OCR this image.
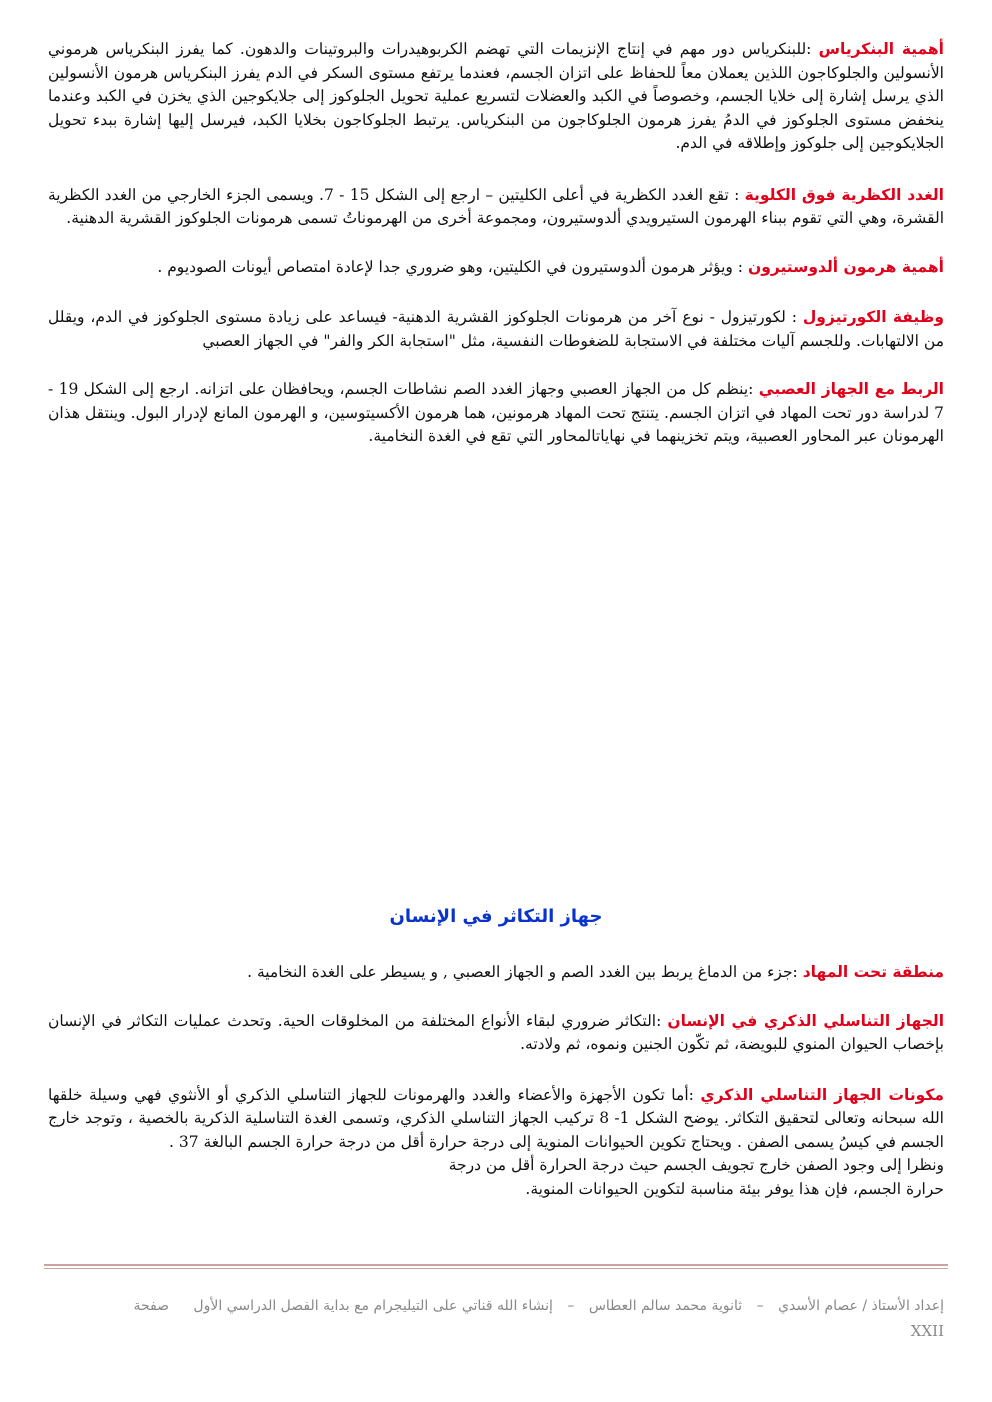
أهمية البنكرياس :للبنكرياس دور مهم في إنتاج الإنزيمات التي تهضم الكربوهيدرات والبروتينات والدهون. كما يفرز البنكرياس هرموني الأنسولين والجلوكاجون اللذين يعملان معاً للحفاظ على اتزان الجسم، فعندما يرتفع مستوى السكر في الدم يفرز البنكرياس هرمون الأنسولين الذي يرسل إشارة إلى خلايا الجسم، وخصوصاً في الكبد والعضلات لتسريع عملية تحويل الجلوكوز إلى جلايكوجين الذي يخزن في الكبد وعندما ينخفض مستوى الجلوكوز في الدمُ يفرز هرمون الجلوكاجون من البنكرياس. يرتبط الجلوكاجون بخلايا الكبد، فيرسل إليها إشارة ببدء تحويل الجلايكوجين إلى جلوكوز وإطلاقه في الدم.

الغدد الكظرية فوق الكلوية : تقع الغدد الكظرية في أعلى الكليتين – ارجع إلى الشكل 15 - 7. ويسمى الجزء الخارجي من الغدد الكظرية القشرة، وهي التي تقوم ببناء الهرمون الستيرويدي ألدوستيرون، ومجموعة أخرى من الهرموناتُ تسمى هرمونات الجلوكوز القشرية الدهنية.

أهمية هرمون ألدوستيرون : ويؤثر هرمون ألدوستيرون في الكليتين، وهو ضروري جدا لإعادة امتصاص أيونات الصوديوم .

وظيفة الكورتيزول : لكورتيزول - نوع آخر من هرمونات الجلوكوز القشرية الدهنية- فيساعد على زيادة مستوى الجلوكوز في الدم، ويقلل من الالتهابات. وللجسم آليات مختلفة في الاستجابة للضغوطات النفسية، مثل "استجابة الكر والفر" في الجهاز العصبي

الربط مع الجهاز العصبي :ينظم كل من الجهاز العصبي وجهاز الغدد الصم نشاطات الجسم، ويحافظان على اتزانه. ارجع إلى الشكل 19 - 7 لدراسة دور تحت المهاد في اتزان الجسم. يتنتج تحت المهاد هرمونين، هما هرمون الأكسيتوسين، و الهرمون المانع لإدرار البول. وينتقل هذان الهرمونان عبر المحاور العصبية، ويتم تخزينهما في نهاياتالمحاور التي تقع في الغدة النخامية.

جهاز التكاثر في الإنسان

منطقة تحت المهاد :جزء من الدماغ يربط بين الغدد الصم و الجهاز العصبي , و يسيطر على الغدة النخامية .

الجهاز التناسلي الذكري في الإنسان :التكاثر ضروري لبقاء الأنواع المختلفة من المخلوقات الحية. وتحدث عمليات التكاثر في الإنسان بإخصاب الحيوان المنوي للبويضة، ثم تكّون الجنين ونموه، ثم ولادته.

مكونات الجهاز التناسلي الذكري :أما تكون الأجهزة والأعضاء والغدد والهرمونات للجهاز التناسلي الذكري أو الأنثوي فهي وسيلة خلقها الله سبحانه وتعالى لتحقيق التكاثر. يوضح الشكل 1- 8 تركيب الجهاز التناسلي الذكري، وتسمى الغدة التناسلية الذكرية بالخصية ، وتوجد خارج الجسم في كيسُ يسمى الصفن . ويحتاج تكوين الحيوانات المنوية إلى درجة حرارة أقل من درجة حرارة الجسم البالغة 37 .

ونظرا إلى وجود الصفن خارج تجويف الجسم حيث درجة الحرارة أقل من درجة

حرارة الجسم، فإن هذا يوفر بيئة مناسبة لتكوين الحيوانات المنوية.

إعداد الأستاذ / عصام الأسدي – ثانوية محمد سالم العطاس – إنشاء الله قناتي على التيليجرام مع بداية الفصل الدراسي الأول صفحة
XXII
